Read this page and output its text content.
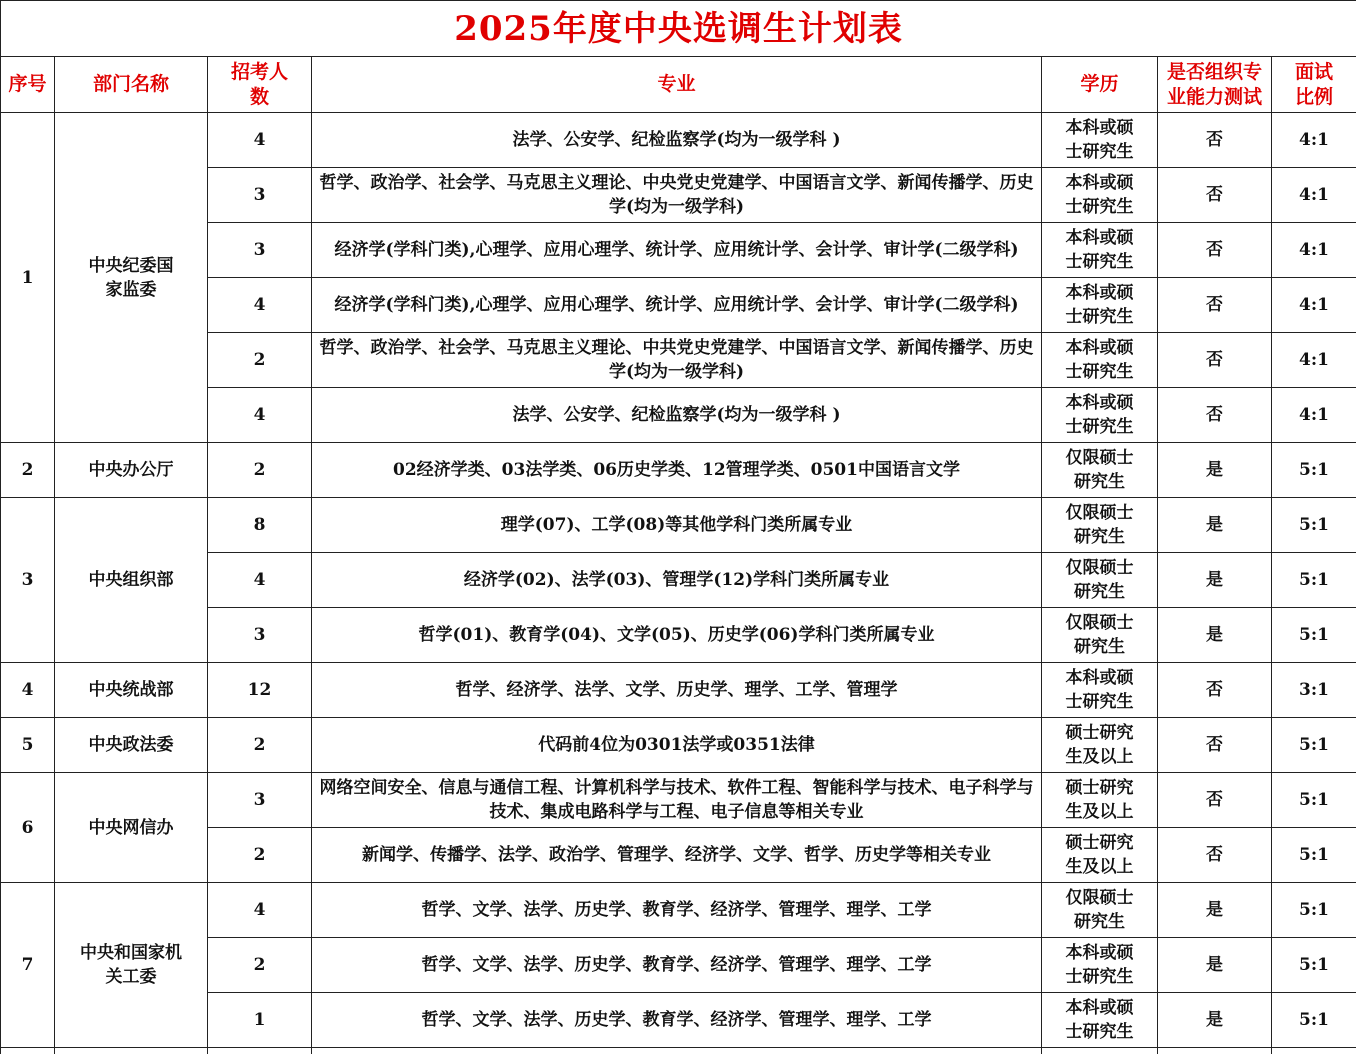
2025年度中央选调生计划表						
序号	部门名称	招考人数	专业	学历	是否组织专业能力测试	面试比例
1	中央纪委国家监委	4	法学、公安学、纪检监察学(均为一级学科 )	本科或硕士研究生	否	4:1
		3	哲学、政治学、社会学、马克思主义理论、中央党史党建学、中国语言文学、新闻传播学、历史学(均为一级学科)	本科或硕士研究生	否	4:1
		3	经济学(学科门类),心理学、应用心理学、统计学、应用统计学、会计学、审计学(二级学科)	本科或硕士研究生	否	4:1
		4	经济学(学科门类),心理学、应用心理学、统计学、应用统计学、会计学、审计学(二级学科)	本科或硕士研究生	否	4:1
		2	哲学、政治学、社会学、马克思主义理论、中共党史党建学、中国语言文学、新闻传播学、历史学(均为一级学科)	本科或硕士研究生	否	4:1
		4	法学、公安学、纪检监察学(均为一级学科 )	本科或硕士研究生	否	4:1
2	中央办公厅	2	02经济学类、03法学类、06历史学类、12管理学类、0501中国语言文学	仅限硕士研究生	是	5:1
3	中央组织部	8	理学(07)、工学(08)等其他学科门类所属专业	仅限硕士研究生	是	5:1
		4	经济学(02)、法学(03)、管理学(12)学科门类所属专业	仅限硕士研究生	是	5:1
		3	哲学(01)、教育学(04)、文学(05)、历史学(06)学科门类所属专业	仅限硕士研究生	是	5:1
4	中央统战部	12	哲学、经济学、法学、文学、历史学、理学、工学、管理学	本科或硕士研究生	否	3:1
5	中央政法委	2	代码前4位为0301法学或0351法律	硕士研究生及以上	否	5:1
6	中央网信办	3	网络空间安全、信息与通信工程、计算机科学与技术、软件工程、智能科学与技术、电子科学与技术、集成电路科学与工程、电子信息等相关专业	硕士研究生及以上	否	5:1
		2	新闻学、传播学、法学、政治学、管理学、经济学、文学、哲学、历史学等相关专业	硕士研究生及以上	否	5:1
7	中央和国家机关工委	4	哲学、文学、法学、历史学、教育学、经济学、管理学、理学、工学	仅限硕士研究生	是	5:1
		2	哲学、文学、法学、历史学、教育学、经济学、管理学、理学、工学	本科或硕士研究生	是	5:1
		1	哲学、文学、法学、历史学、教育学、经济学、管理学、理学、工学	本科或硕士研究生	是	5:1
